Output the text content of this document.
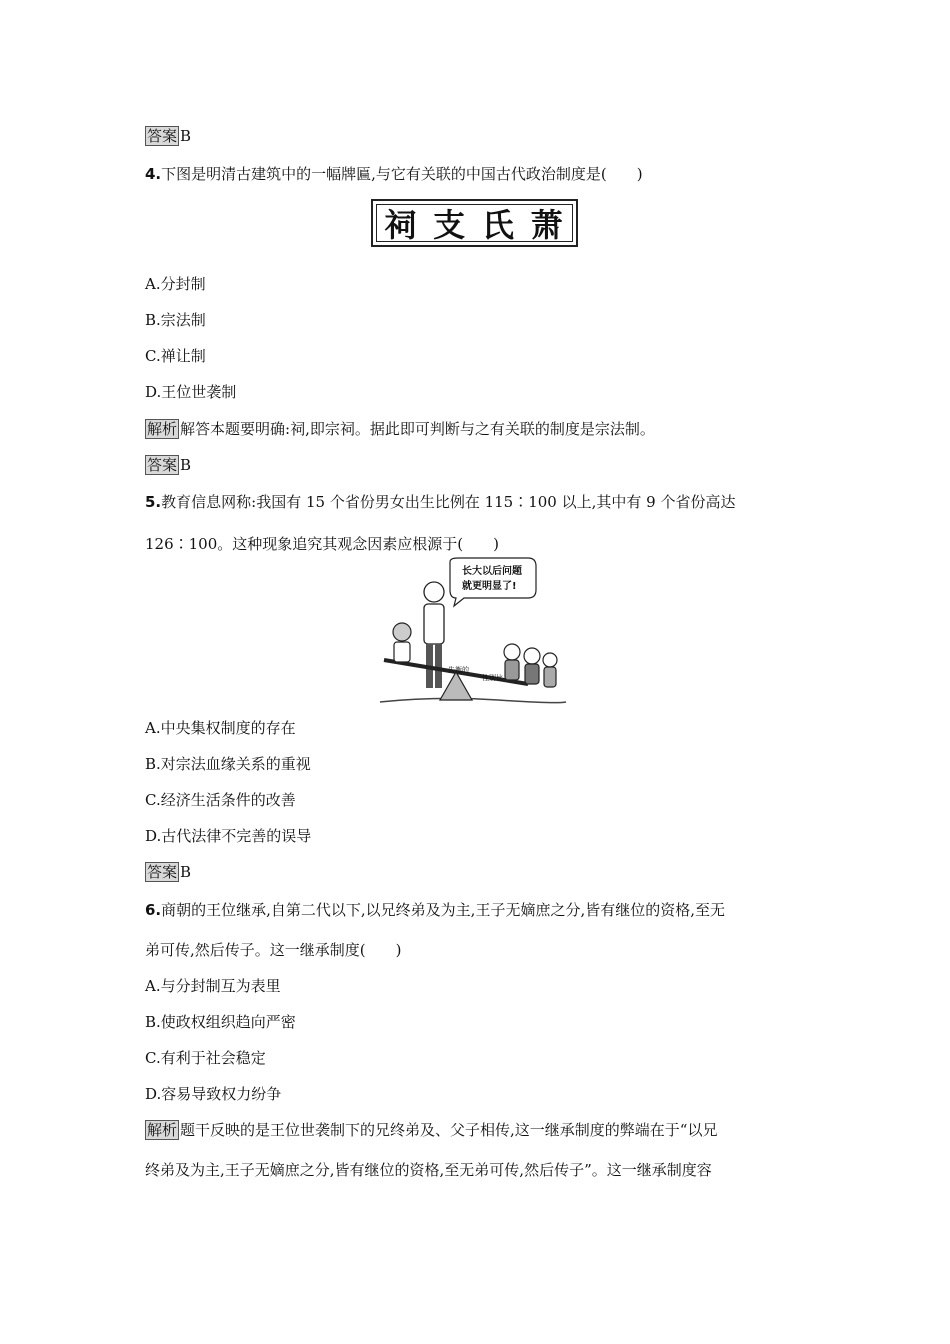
答案 B
4.下图是明清古建筑中的一幅牌匾,与它有关联的中国古代政治制度是(　　)
祠 支 氏 萧
A.分封制
B.宗法制
C.禅让制
D.王位世袭制
解析 解答本题要明确:祠,即宗祠。据此即可判断与之有关联的制度是宗法制。
答案 B
5.教育信息网称:我国有 15 个省份男女出生比例在 115∶100 以上,其中有 9 个省份高达
126∶100。这种现象追究其观念因素应根源于(　　)
长大以后问题
就更明显了!
失衡的
性别比
A.中央集权制度的存在
B.对宗法血缘关系的重视
C.经济生活条件的改善
D.古代法律不完善的误导
答案 B
6.商朝的王位继承,自第二代以下,以兄终弟及为主,王子无嫡庶之分,皆有继位的资格,至无
弟可传,然后传子。这一继承制度(　　)
A.与分封制互为表里
B.使政权组织趋向严密
C.有利于社会稳定
D.容易导致权力纷争
解析 题干反映的是王位世袭制下的兄终弟及、父子相传,这一继承制度的弊端在于“以兄
终弟及为主,王子无嫡庶之分,皆有继位的资格,至无弟可传,然后传子”。这一继承制度容
